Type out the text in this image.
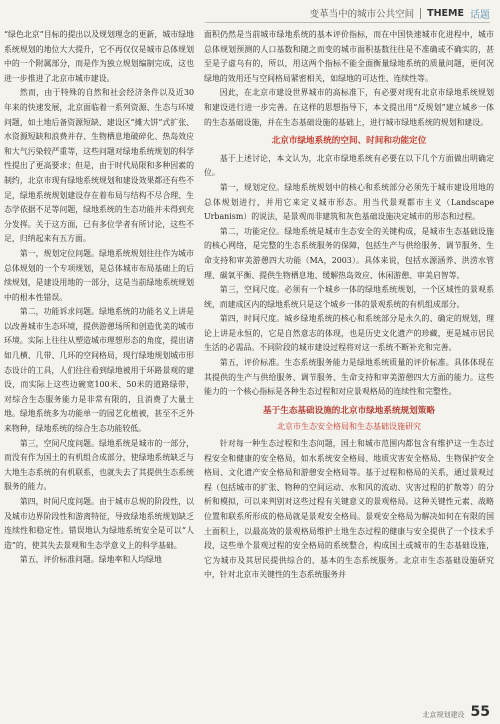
变革当中的城市公共空间 THEME 话题

“绿色北京”目标的提出以及规划理念的更新，城市绿地系统规划的地位大大提升，它不再仅仅是城市总体规划中的一个附属部分，而是作为独立规划编制完成，这也进一步推进了北京市城市建设。

然而，由于特殊的自然和社会经济条件以及近30年来的快速发展，北京面临着一系列资源、生态与环境问题，如土地后备资源短缺、建设区“摊大饼”式扩张、水资源短缺和浪费并存、生物栖息地破碎化、热岛效应和大气污染较严重等，这些问题对绿地系统规划的科学性提出了更高要求；但是，由于时代局限和多种因素的制约，北京市现有绿地系统规划和建设效果都还有些不足，绿地系统规划建设存在着布局与结构不尽合理、生态学依据不足等问题，绿地系统的生态功能并未得到充分发挥。关于这方面，已有多位学者有所讨论，这些不足，归纳起来有五方面。

第一，规划定位问题。绿地系统规划往往作为城市总体规划的一个专项规划，是总体城市布局基础上的后续规划，是建设用地的一部分，这是当前绿地系统规划中的根本性错误。

第二，功能诉求问题。绿地系统的功能名义上讲是以改善城市生态环境，提供游憩场所和创造优美的城市环境。实际上往往从塑造城市理想形态的角度，提出诸如几横、几带、几环的空间格局，现行绿地规划城市形态设计的工具，人们往往看到绿地被用于环路景观的建设，而实际上这些边碗宽100米、50米的道路绿带，对综合生态服务能力是非常有限的，且消费了大量土地。绿地系统多为功能单一的园艺化植被，甚至不乏外来物种，绿地系统的综合生态功能较低。

第三，空间尺度问题。绿地系统是城市的一部分，而没有作为国土的有机组合成部分，使绿地系统缺乏与大地生态系统的有机联系，也就失去了其提供生态系统服务的能力。

第四，时间尺度问题。由于城市总规的阶段性，以及城市边界阶段性和游离特征，导致绿地系统规划缺乏连续性和稳定性。错误地认为绿地系统安全是可以“人造”的，使其失去景观和生态学意义上的科学基础。

第五，评价标准问题。绿地率和人均绿地

面积仍然是当前城市绿地系统的基本评价指标，而在中国快速城市化进程中，城市总体规划预测的人口基数和随之而变的城市面积基数往往是不准确或不确实的，甚至是子虚乌有的，所以，用这两个指标不能全面衡量绿地系统的质量问题，更何况绿地的效用还与空间格局紧密相关，如绿地的可达性、连续性等。

因此，在北京市建设世界城市的高标准下，有必要对现有北京市绿地系统规划和建设进行进一步完善。在这样的思想指导下，本文提出用“反规划”建立城乡一体的生态基础设施，并在生态基础设施的基础上，进行城市绿地系统的规划和建设。

北京市绿地系统的空间、时间和功能定位

基于上述讨论，本文认为，北京市绿地系统有必要在以下几个方面做出明确定位。

第一，规划定位。绿地系统规划中的核心和系统部分必须先于城市建设用地的总体规划进行，并用它来定义城市形态。用当代景观都市主义（Landscape Urbanism）的说法，是景观而非建筑和灰色基础设施决定城市的形态和过程。

第二，功能定位。绿地系统是城市生态安全的关键构成，是城市生态基础设施的核心网络，是完整的生态系统服务的保障，包括生产与供给服务、调节服务、生命支持和审美游憩四大功能（MA，2003）。具体来说，包括水源涵养、洪涝水管理、碳氧平衡、提供生物栖息地、缓解热岛效应、休闲游憩、审美启智等。

第三，空间尺度。必须有一个城乡一体的绿地系统规划，一个区域性的景观系统，而建成区内的绿地系统只是这个城乡一体的景观系统的有机组成部分。

第四，时间尺度。城乡绿地系统的核心和系统部分是永久的、确定的规划，理论上讲是永恒的，它是自然意志的体现，也是历史文化遗产的珍藏，更是城市居民生活的必需品。不同阶段的城市建设过程将对这一系统不断补充和完善。

第五，评价标准。生态系统服务能力是绿地系统质量的评价标准。具体体现在其提供的生产与供给服务、调节服务、生命支持和审美游憩四大方面的能力。这些能力的一个核心指标是各种生态过程和对应景观格局的连续性和完整性。

基于生态基础设施的北京市绿地系统规划策略
北京市生态安全格局和生态基础设施研究

针对每一种生态过程和生态问题，国土和城市范围内都包含有维护这一生态过程安全和健康的安全格局，如水系统安全格局、地质灾害安全格局、生物保护安全格局、文化遗产安全格局和游憩安全格局等。基于过程和格局的关系，通过景观过程（包括城市的扩张、物种的空间运动、水和风的流动、灾害过程的扩散等）的分析和模拟，可以来判别对这些过程有关键意义的景观格局。这种关键性元素、战略位置和联系所形成的格局就是景观安全格局。景观安全格局为解决如何在有限的国土面积上，以最高效的景观格局维护土地生态过程的健康与安全提供了一个技术手段，这些单个景观过程的安全格局的系统整合，构成国土或城市的生态基础设施，它为城市及其居民提供综合的、基本的生态系统服务。北京市生态基础设施研究中，针对北京市关键性的生态系统服务并

北京规划建设 55
